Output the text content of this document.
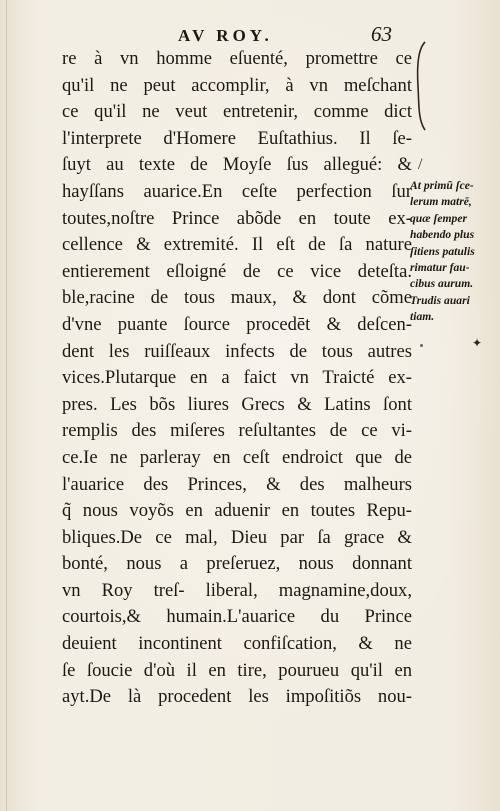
AV ROY.	63
/
✦
re à vn homme eſuenté, promettre ce
qu'il ne peut accomplir, à vn meſchant
ce qu'il ne veut entretenir, comme dict
l'interprete d'Homere Euſtathius. Il ſe-
ſuyt au texte de Moyſe ſus allegué: &
hayſſans auarice.En ceſte perfection ſur
toutes,noſtre Prince abõde en toute ex-
cellence & extremité. Il eſt de ſa nature
entierement eſloigné de ce vice deteſta.
ble,racine de tous maux, & dont cõme
d'vne puante ſource procedēt & deſcen-
dent les ruiſſeaux infects de tous autres
vices.Plutarque en a faict vn Traicté ex-
pres. Les bõs liures Grecs & Latins ſont
remplis des miſeres reſultantes de ce vi-
ce.Ie ne parleray en ceſt endroict que de
l'auarice des Princes, & des malheurs
q̃ nous voyõs en aduenir en toutes Repu-
bliques.De ce mal, Dieu par ſa grace &
bonté, nous a preſeruez, nous donnant
vn Roy treſ- liberal, magnamine,doux,
courtois,& humain.L'auarice du Prince
deuient incontinent confiſcation, & ne
ſe ſoucie d'où il en tire, pourueu qu'il en
ayt.De là procedent les impoſitiõs nou-
At primũ ſce-
lerum matrē,
quæ ſemper
habendo plus
ſitiens patulis
rimatur fau-
cibus aurum.
Trudis auari
tiam.
